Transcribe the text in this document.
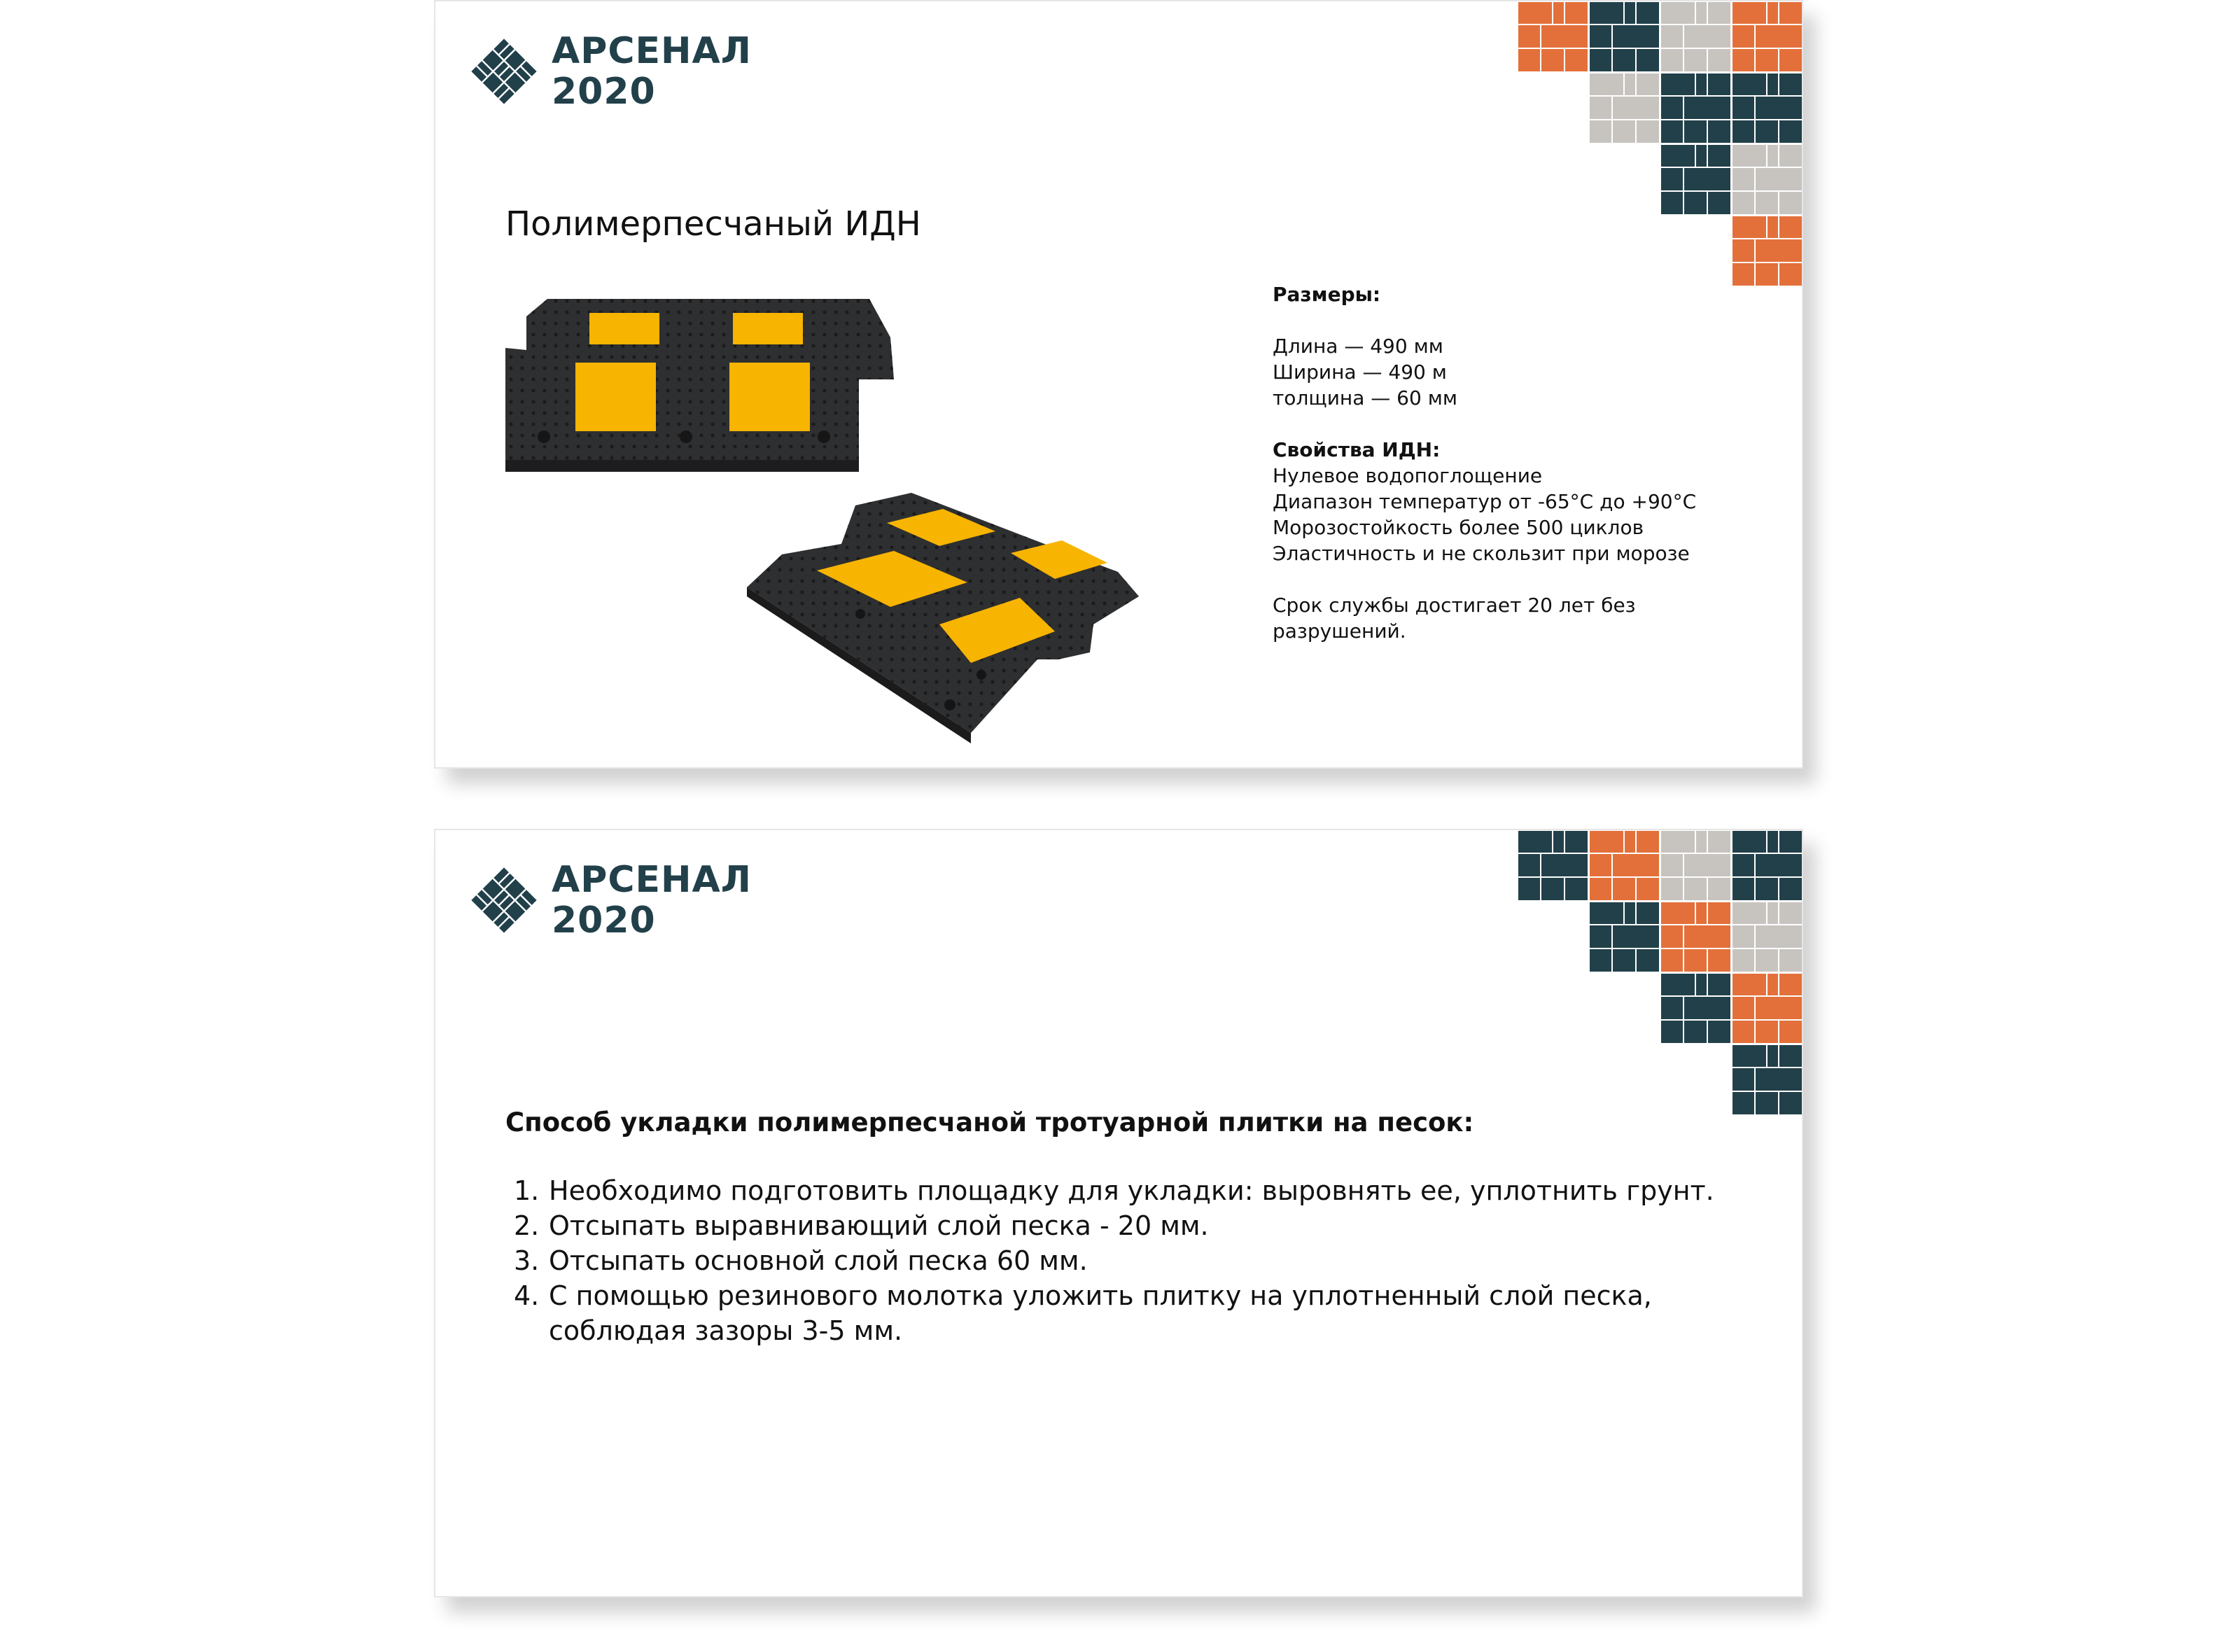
АРСЕНАЛ
2020
Полимерпесчаный ИДН

Размеры:

Длина — 490 мм

Ширина — 490 м

толщина — 60 мм

Свойства ИДН:

Нулевое водопоглощение

Диапазон температур от -65°C до +90°C

Морозостойкость более 500 циклов

Эластичность и не скользит при морозе

Срок службы достигает 20 лет без

разрушений.

АРСЕНАЛ
2020
Способ укладки полимерпесчаной тротуарной плитки на песок:
1. Необходимо подготовить площадку для укладки: выровнять ее, уплотнить грунт.
2. Отсыпать выравнивающий слой песка - 20 мм.
3. Отсыпать основной слой песка 60 мм.
4. С помощью резинового молотка уложить плитку на уплотненный слой песка,
соблюдая зазоры 3-5 мм.
